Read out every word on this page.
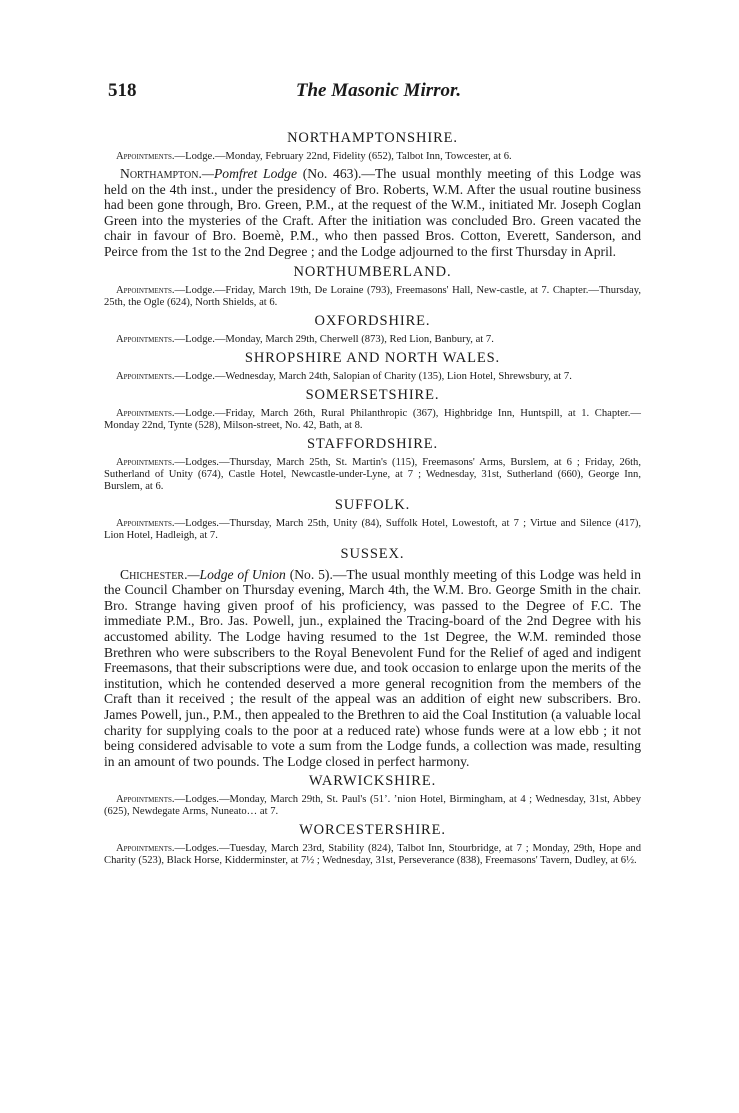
518	The Masonic Mirror.
NORTHAMPTONSHIRE.

Appointments.—Lodge.—Monday, February 22nd, Fidelity (652), Talbot Inn, Towcester, at 6.

Northampton.—Pomfret Lodge (No. 463).—The usual monthly meeting of this Lodge was held on the 4th inst., under the presidency of Bro. Roberts, W.M. After the usual routine business had been gone through, Bro. Green, P.M., at the request of the W.M., initiated Mr. Joseph Coglan Green into the mysteries of the Craft. After the initiation was concluded Bro. Green vacated the chair in favour of Bro. Boemè, P.M., who then passed Bros. Cotton, Everett, Sanderson, and Peirce from the 1st to the 2nd Degree ; and the Lodge adjourned to the first Thursday in April.

NORTHUMBERLAND.

Appointments.—Lodge.—Friday, March 19th, De Loraine (793), Freemasons' Hall, New-castle, at 7. Chapter.—Thursday, 25th, the Ogle (624), North Shields, at 6.

OXFORDSHIRE.

Appointments.—Lodge.—Monday, March 29th, Cherwell (873), Red Lion, Banbury, at 7.

SHROPSHIRE AND NORTH WALES.

Appointments.—Lodge.—Wednesday, March 24th, Salopian of Charity (135), Lion Hotel, Shrewsbury, at 7.

SOMERSETSHIRE.

Appointments.—Lodge.—Friday, March 26th, Rural Philanthropic (367), Highbridge Inn, Huntspill, at 1. Chapter.—Monday 22nd, Tynte (528), Milson-street, No. 42, Bath, at 8.

STAFFORDSHIRE.

Appointments.—Lodges.—Thursday, March 25th, St. Martin's (115), Freemasons' Arms, Burslem, at 6 ; Friday, 26th, Sutherland of Unity (674), Castle Hotel, Newcastle-under-Lyne, at 7 ; Wednesday, 31st, Sutherland (660), George Inn, Burslem, at 6.

SUFFOLK.

Appointments.—Lodges.—Thursday, March 25th, Unity (84), Suffolk Hotel, Lowestoft, at 7 ; Virtue and Silence (417), Lion Hotel, Hadleigh, at 7.

SUSSEX.

Chichester.—Lodge of Union (No. 5).—The usual monthly meeting of this Lodge was held in the Council Chamber on Thursday evening, March 4th, the W.M. Bro. George Smith in the chair. Bro. Strange having given proof of his proficiency, was passed to the Degree of F.C. The immediate P.M., Bro. Jas. Powell, jun., explained the Tracing-board of the 2nd Degree with his accustomed ability. The Lodge having resumed to the 1st Degree, the W.M. reminded those Brethren who were subscribers to the Royal Benevolent Fund for the Relief of aged and indigent Freemasons, that their subscriptions were due, and took occasion to enlarge upon the merits of the institution, which he contended deserved a more general recognition from the members of the Craft than it received ; the result of the appeal was an addition of eight new subscribers. Bro. James Powell, jun., P.M., then appealed to the Brethren to aid the Coal Institution (a valuable local charity for supplying coals to the poor at a reduced rate) whose funds were at a low ebb ; it not being considered advisable to vote a sum from the Lodge funds, a collection was made, resulting in an amount of two pounds. The Lodge closed in perfect harmony.

WARWICKSHIRE.

Appointments.—Lodges.—Monday, March 29th, St. Paul's (51’. ’nion Hotel, Birmingham, at 4 ; Wednesday, 31st, Abbey (625), Newdegate Arms, Nuneato… at 7.

WORCESTERSHIRE.

Appointments.—Lodges.—Tuesday, March 23rd, Stability (824), Talbot Inn, Stourbridge, at 7 ; Monday, 29th, Hope and Charity (523), Black Horse, Kidderminster, at 7½ ; Wednesday, 31st, Perseverance (838), Freemasons' Tavern, Dudley, at 6½.
